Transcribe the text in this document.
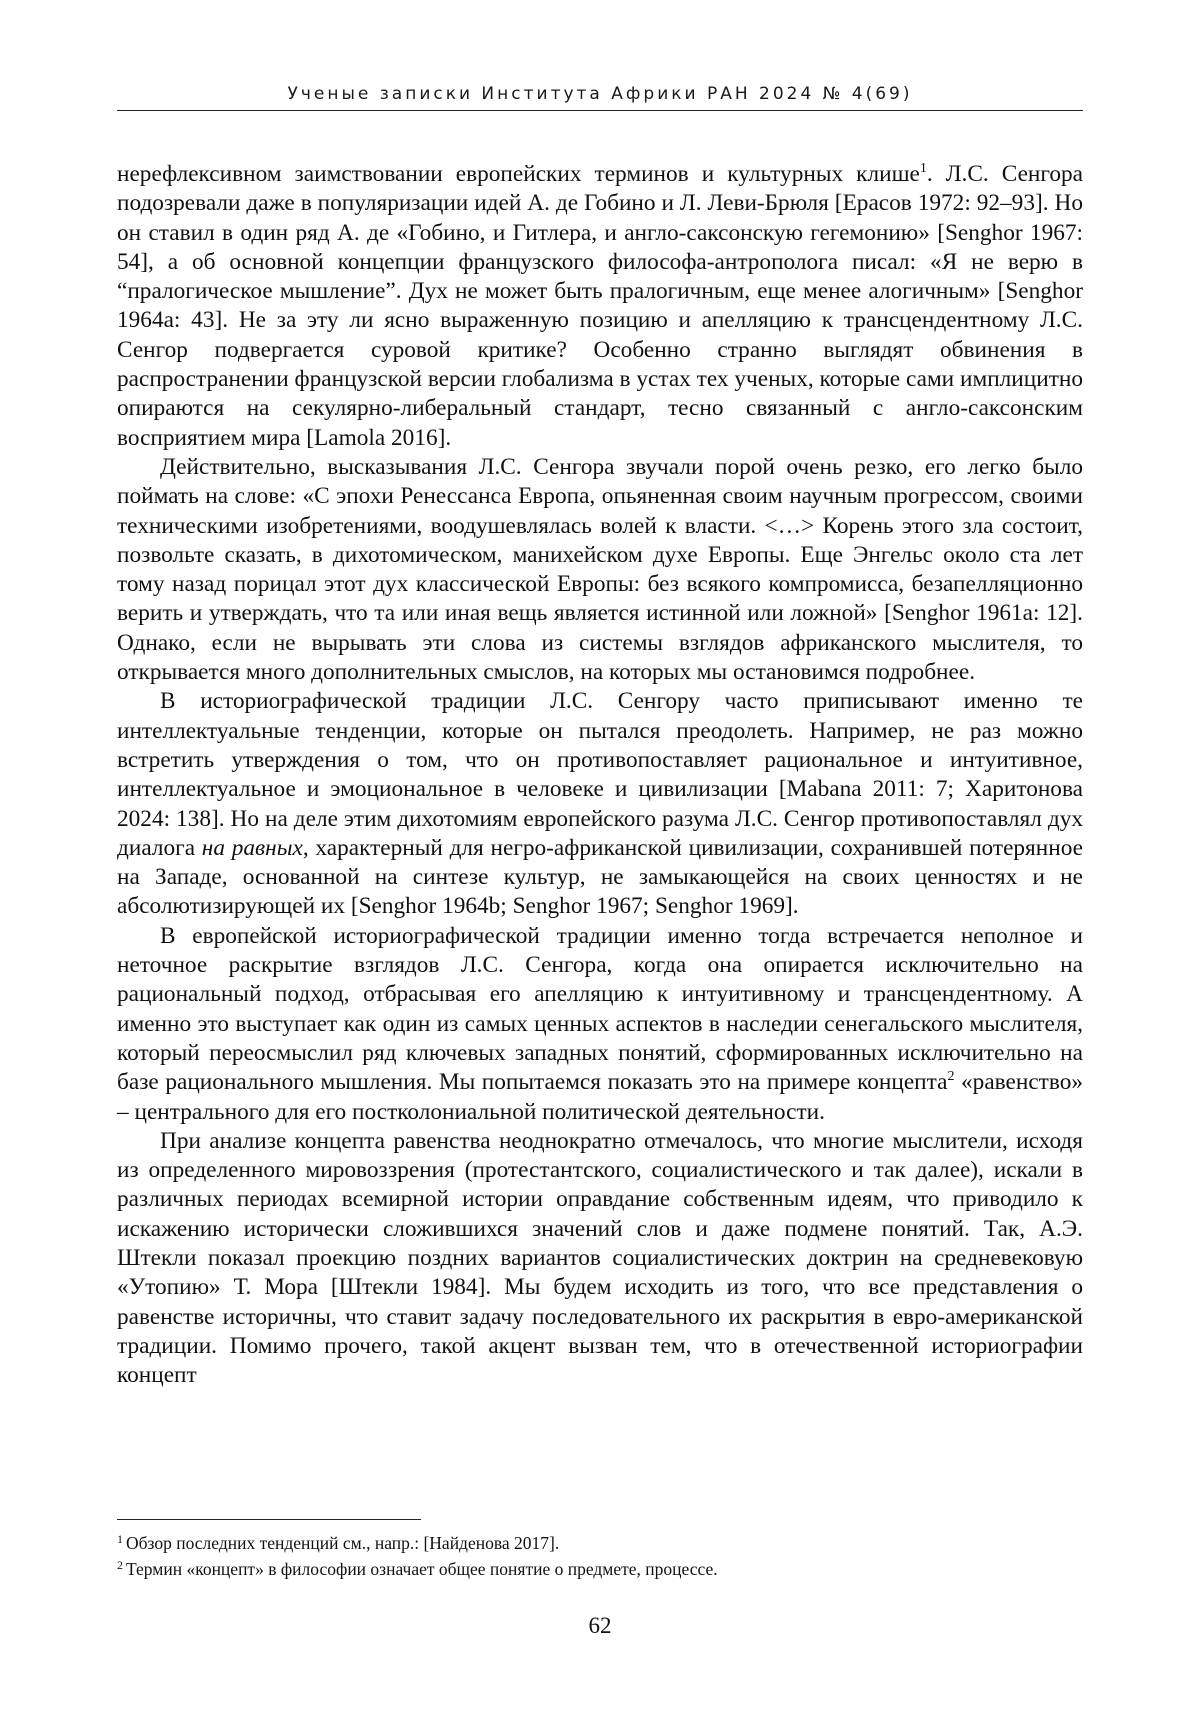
Ученые записки Института Африки РАН 2024 № 4(69)

нерефлексивном заимствовании европейских терминов и культурных клише$^1$. Л.С. Сенгора подозревали даже в популяризации идей А. де Гобино и Л. Леви-Брюля [Ерасов 1972: 92–93]. Но он ставил в один ряд А. де «Гобино, и Гитлера, и англо-саксонскую гегемонию» [Senghor 1967: 54], а об основной концепции французского философа-антрополога писал: «Я не верю в “пралогическое мышление”. Дух не может быть пралогичным, еще менее алогичным» [Senghor 1964a: 43]. Не за эту ли ясно выраженную позицию и апелляцию к трансцендентному Л.С. Сенгор подвергается суровой критике? Особенно странно выглядят обвинения в распространении французской версии глобализма в устах тех ученых, которые сами имплицитно опираются на секулярно-либеральный стандарт, тесно связанный с англо-саксонским восприятием мира [Lamola 2016].

Действительно, высказывания Л.С. Сенгора звучали порой очень резко, его легко было поймать на слове: «С эпохи Ренессанса Европа, опьяненная своим научным прогрессом, своими техническими изобретениями, воодушевлялась волей к власти. <…> Корень этого зла состоит, позвольте сказать, в дихотомическом, манихейском духе Европы. Еще Энгельс около ста лет тому назад порицал этот дух классической Европы: без всякого компромисса, безапелляционно верить и утверждать, что та или иная вещь является истинной или ложной» [Senghor 1961a: 12]. Однако, если не вырывать эти слова из системы взглядов африканского мыслителя, то открывается много дополнительных смыслов, на которых мы остановимся подробнее.

В историографической традиции Л.С. Сенгору часто приписывают именно те интеллектуальные тенденции, которые он пытался преодолеть. Например, не раз можно встретить утверждения о том, что он противопоставляет рациональное и интуитивное, интеллектуальное и эмоциональное в человеке и цивилизации [Mabana 2011: 7; Харитонова 2024: 138]. Но на деле этим дихотомиям европейского разума Л.С. Сенгор противопоставлял дух диалога на равных, характерный для негро-африканской цивилизации, сохранившей потерянное на Западе, основанной на синтезе культур, не замыкающейся на своих ценностях и не абсолютизирующей их [Senghor 1964b; Senghor 1967; Senghor 1969].

В европейской историографической традиции именно тогда встречается неполное и неточное раскрытие взглядов Л.С. Сенгора, когда она опирается исключительно на рациональный подход, отбрасывая его апелляцию к интуитивному и трансцендентному. А именно это выступает как один из самых ценных аспектов в наследии сенегальского мыслителя, который переосмыслил ряд ключевых западных понятий, сформированных исключительно на базе рационального мышления. Мы попытаемся показать это на примере концепта$^2$ «равенство» – центрального для его постколониальной политической деятельности.

При анализе концепта равенства неоднократно отмечалось, что многие мыслители, исходя из определенного мировоззрения (протестантского, социалистического и так далее), искали в различных периодах всемирной истории оправдание собственным идеям, что приводило к искажению исторически сложившихся значений слов и даже подмене понятий. Так, А.Э. Штекли показал проекцию поздних вариантов социалистических доктрин на средневековую «Утопию» Т. Мора [Штекли 1984]. Мы будем исходить из того, что все представления о равенстве историчны, что ставит задачу последовательного их раскрытия в евро-американской традиции. Помимо прочего, такой акцент вызван тем, что в отечественной историографии концепт

$^1$ Обзор последних тенденций см., напр.: [Найденова 2017].

$^2$ Термин «концепт» в философии означает общее понятие о предмете, процессе.

62
